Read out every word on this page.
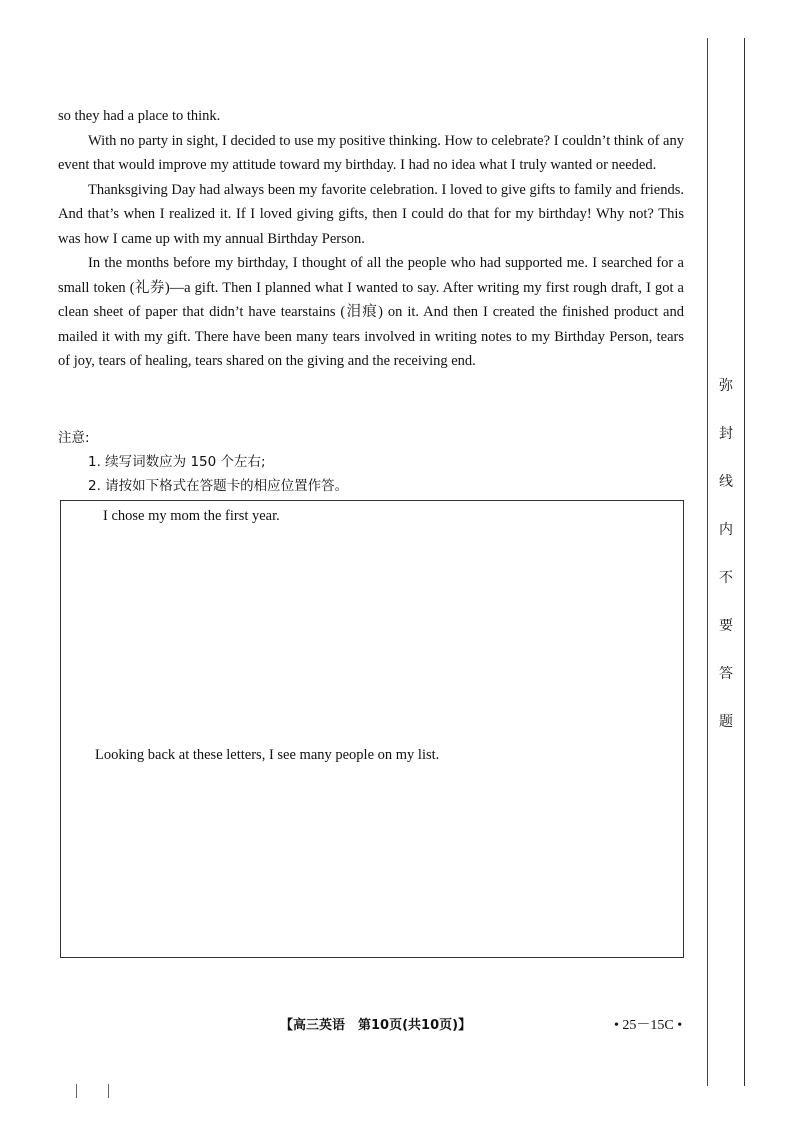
so they had a place to think.

With no party in sight, I decided to use my positive thinking. How to celebrate? I couldn’t think of any event that would improve my attitude toward my birthday. I had no idea what I truly wanted or needed.

Thanksgiving Day had always been my favorite celebration. I loved to give gifts to family and friends. And that’s when I realized it. If I loved giving gifts, then I could do that for my birthday! Why not? This was how I came up with my annual Birthday Person.

In the months before my birthday, I thought of all the people who had supported me. I searched for a small token (礼券)—a gift. Then I planned what I wanted to say. After writing my first rough draft, I got a clean sheet of paper that didn’t have tearstains (泪痕) on it. And then I created the finished product and mailed it with my gift. There have been many tears involved in writing notes to my Birthday Person, tears of joy, tears of healing, tears shared on the giving and the receiving end.

注意:
1. 续写词数应为 150 个左右;
2. 请按如下格式在答题卡的相应位置作答。
I chose my mom the first year.
Looking back at these letters, I see many people on my list.
【高三英语　第10页(共10页)】	• 25－15C •
弥
封
线
内
不
要
答
题
